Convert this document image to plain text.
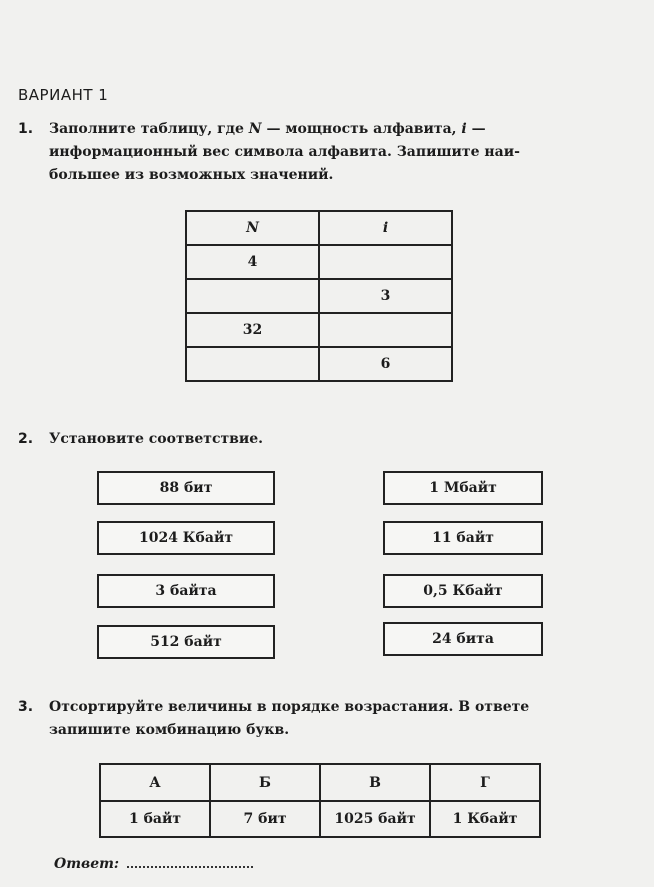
ВАРИАНТ 1
1. Заполните таблицу, где N — мощность алфавита, i —
информационный вес символа алфавита. Запишите наи-
большее из возможных значений.
N	i
4	
	3
32	
	6
2. Установите соответствие.
88 бит
1024 Кбайт
3 байта
512 байт
1 Мбайт
11 байт
0,5 Кбайт
24 бита
3. Отсортируйте величины в порядке возрастания. В ответе
запишите комбинацию букв.
А	Б	В	Г
1 байт	7 бит	1025 байт	1 Кбайт
Ответ:
